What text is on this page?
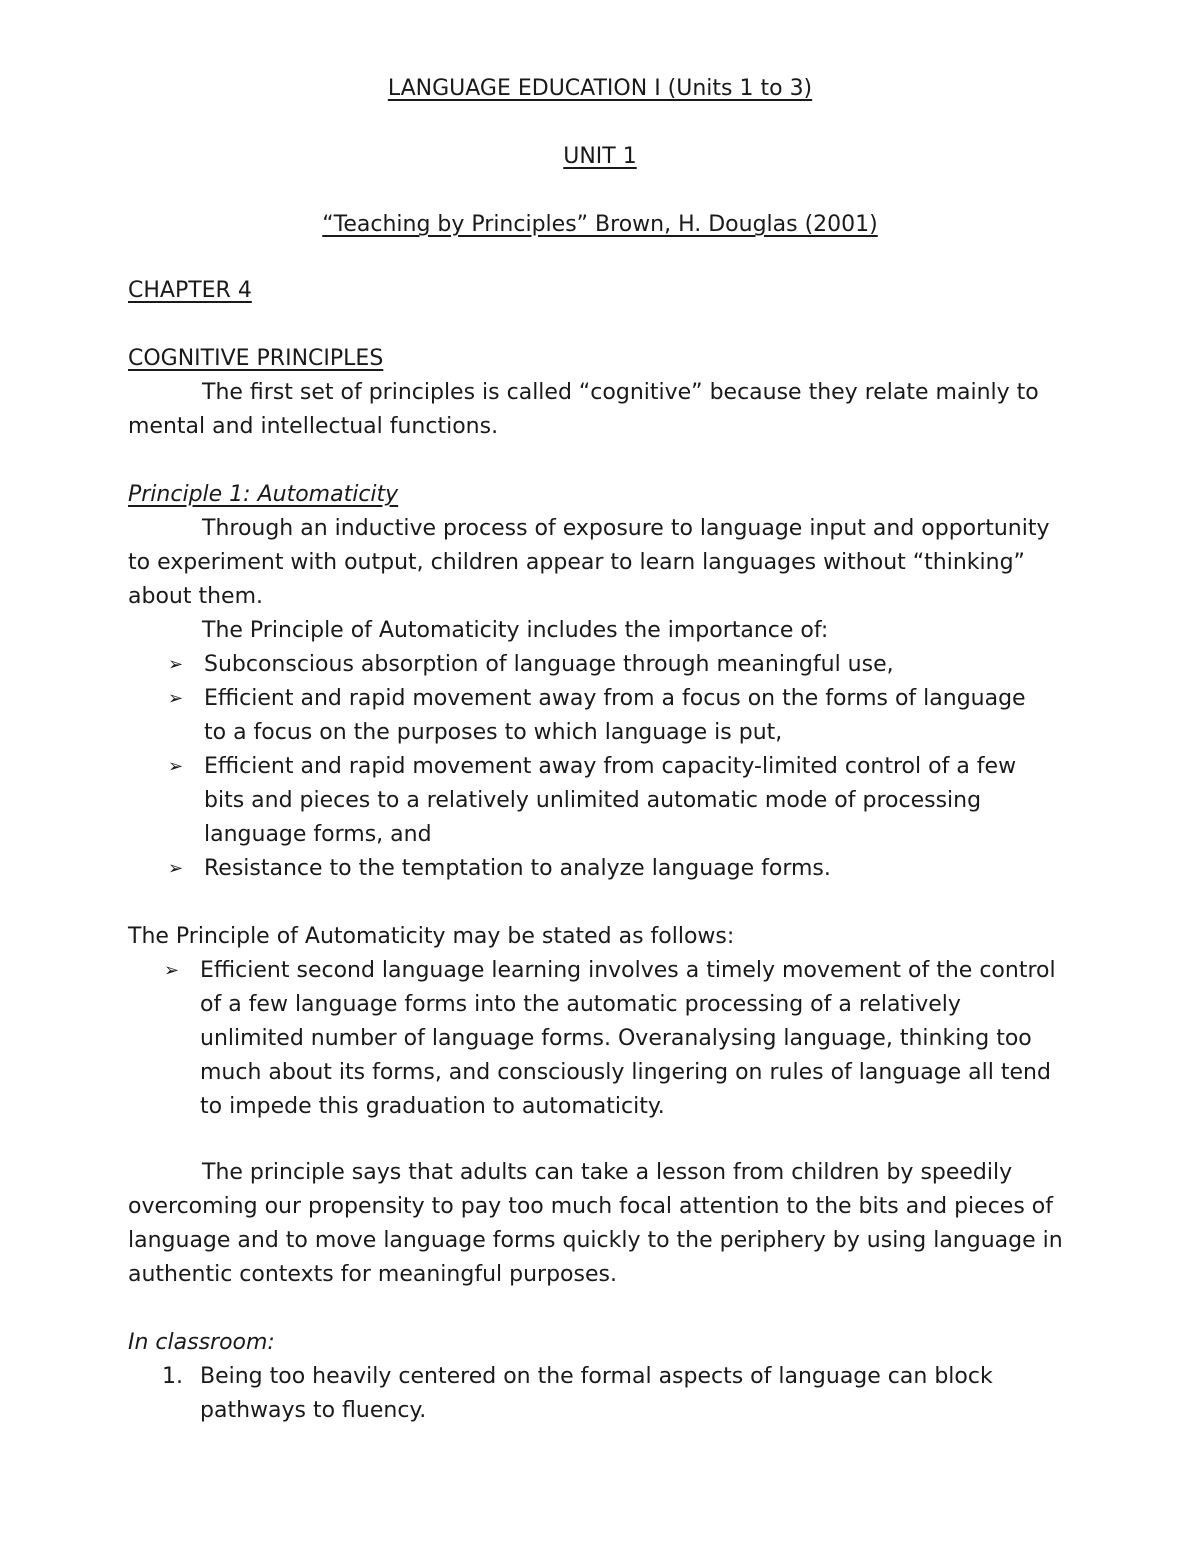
LANGUAGE EDUCATION I (Units 1 to 3)
UNIT 1
“Teaching by Principles” Brown, H. Douglas (2001)
CHAPTER 4
COGNITIVE PRINCIPLES
The first set of principles is called “cognitive” because they relate mainly to
mental and intellectual functions.
Principle 1: Automaticity
Through an inductive process of exposure to language input and opportunity
to experiment with output, children appear to learn languages without “thinking”
about them.
The Principle of Automaticity includes the importance of:
➢ Subconscious absorption of language through meaningful use,
➢ Efficient and rapid movement away from a focus on the forms of language
to a focus on the purposes to which language is put,
➢ Efficient and rapid movement away from capacity-limited control of a few
bits and pieces to a relatively unlimited automatic mode of processing
language forms, and
➢ Resistance to the temptation to analyze language forms.
The Principle of Automaticity may be stated as follows:
➢ Efficient second language learning involves a timely movement of the control
of a few language forms into the automatic processing of a relatively
unlimited number of language forms. Overanalysing language, thinking too
much about its forms, and consciously lingering on rules of language all tend
to impede this graduation to automaticity.
The principle says that adults can take a lesson from children by speedily
overcoming our propensity to pay too much focal attention to the bits and pieces of
language and to move language forms quickly to the periphery by using language in
authentic contexts for meaningful purposes.
In classroom:
1. Being too heavily centered on the formal aspects of language can block
pathways to fluency.
